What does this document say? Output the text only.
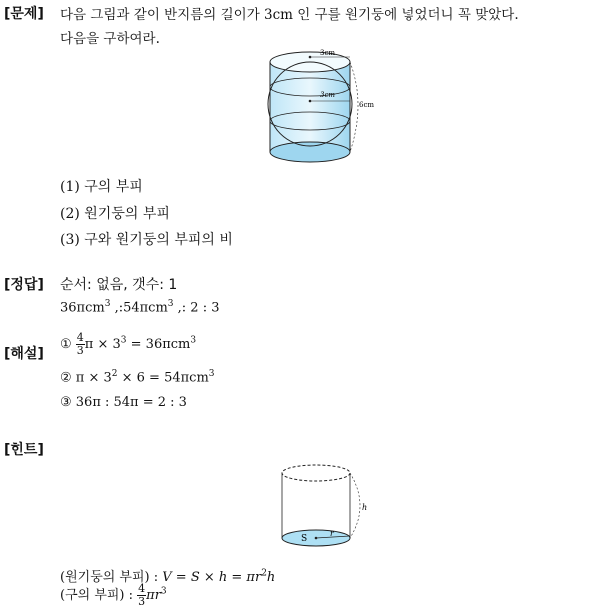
[문제] 다음 그림과 같이 반지름의 길이가 3cm 인 구를 원기둥에 넣었더니 꼭 맞았다.
다음을 구하여라.
3cm
3cm
6cm
(1) 구의 부피
(2) 원기둥의 부피
(3) 구와 원기둥의 부피의 비
[정답] 순서: 없음, 갯수: 1
36πcm$^3$ ,:54πcm$^3$ ,: 2 : 3
[해설]
① $\frac{4}{3}$ $\pi \times 3^3 = 36\pi cm^3$
② $\pi \times 3^2 \times 6 = 54\pi cm^3$
③ 36π : 54π = 2 : 3
[힌트]
S
r
h
(원기둥의 부피) : $V = S \times h = \pi r^2h$
(구의 부피) : $\frac{4}{3} \pi r^3$
